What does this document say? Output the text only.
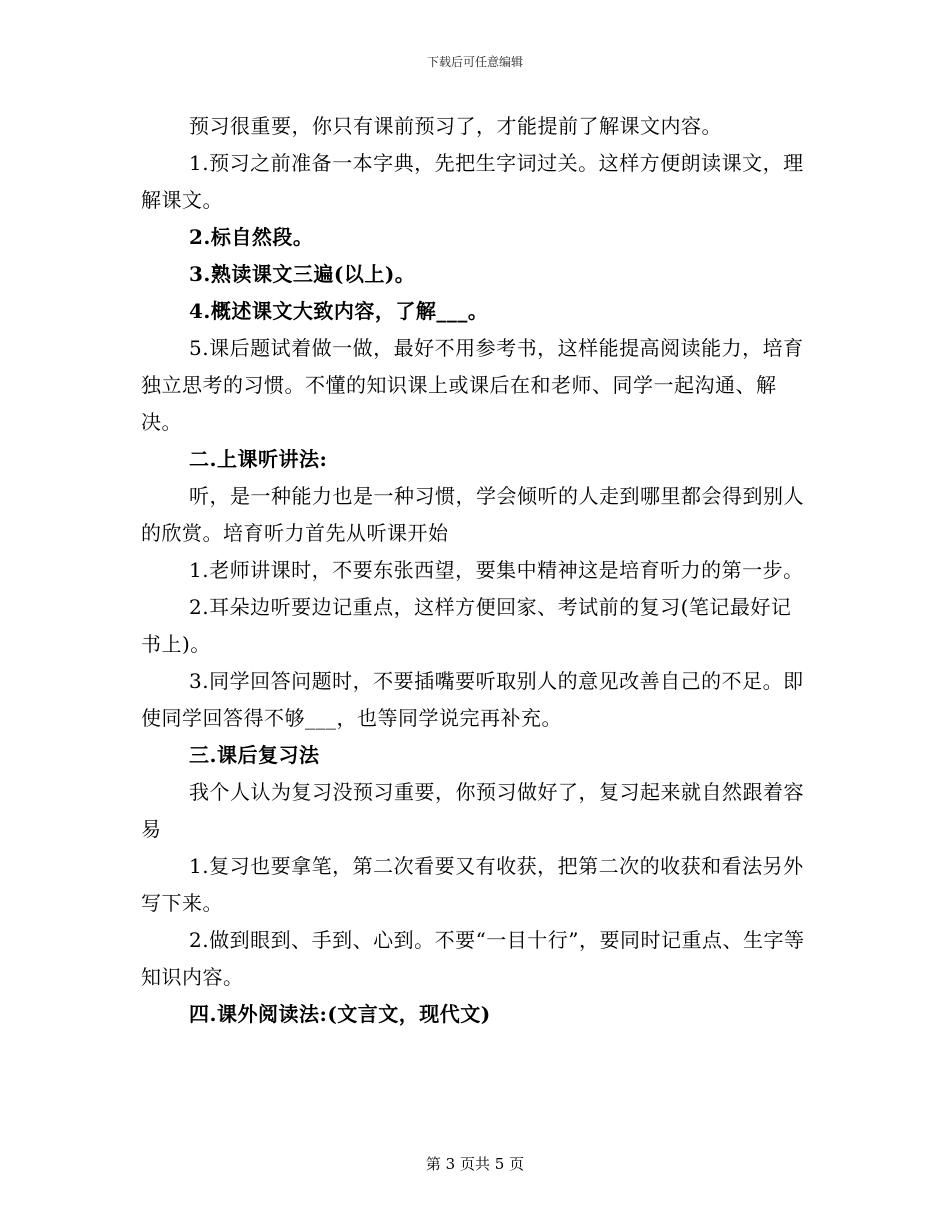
下载后可任意编辑

预习很重要，你只有课前预习了，才能提前了解课文内容。

1.预习之前准备一本字典，先把生字词过关。这样方便朗读课文，理解课文。

2.标自然段。

3.熟读课文三遍(以上)。

4.概述课文大致内容，了解___。

5.课后题试着做一做，最好不用参考书，这样能提高阅读能力，培育独立思考的习惯。不懂的知识课上或课后在和老师、同学一起沟通、解决。

二.上课听讲法:

听，是一种能力也是一种习惯，学会倾听的人走到哪里都会得到别人的欣赏。培育听力首先从听课开始

1.老师讲课时，不要东张西望，要集中精神这是培育听力的第一步。

2.耳朵边听要边记重点，这样方便回家、考试前的复习(笔记最好记书上)。

3.同学回答问题时，不要插嘴要听取别人的意见改善自己的不足。即使同学回答得不够___，也等同学说完再补充。

三.课后复习法

我个人认为复习没预习重要，你预习做好了，复习起来就自然跟着容易

1.复习也要拿笔，第二次看要又有收获，把第二次的收获和看法另外写下来。

2.做到眼到、手到、心到。不要“一目十行”，要同时记重点、生字等知识内容。

四.课外阅读法:(文言文，现代文)

第 3 页共 5 页
